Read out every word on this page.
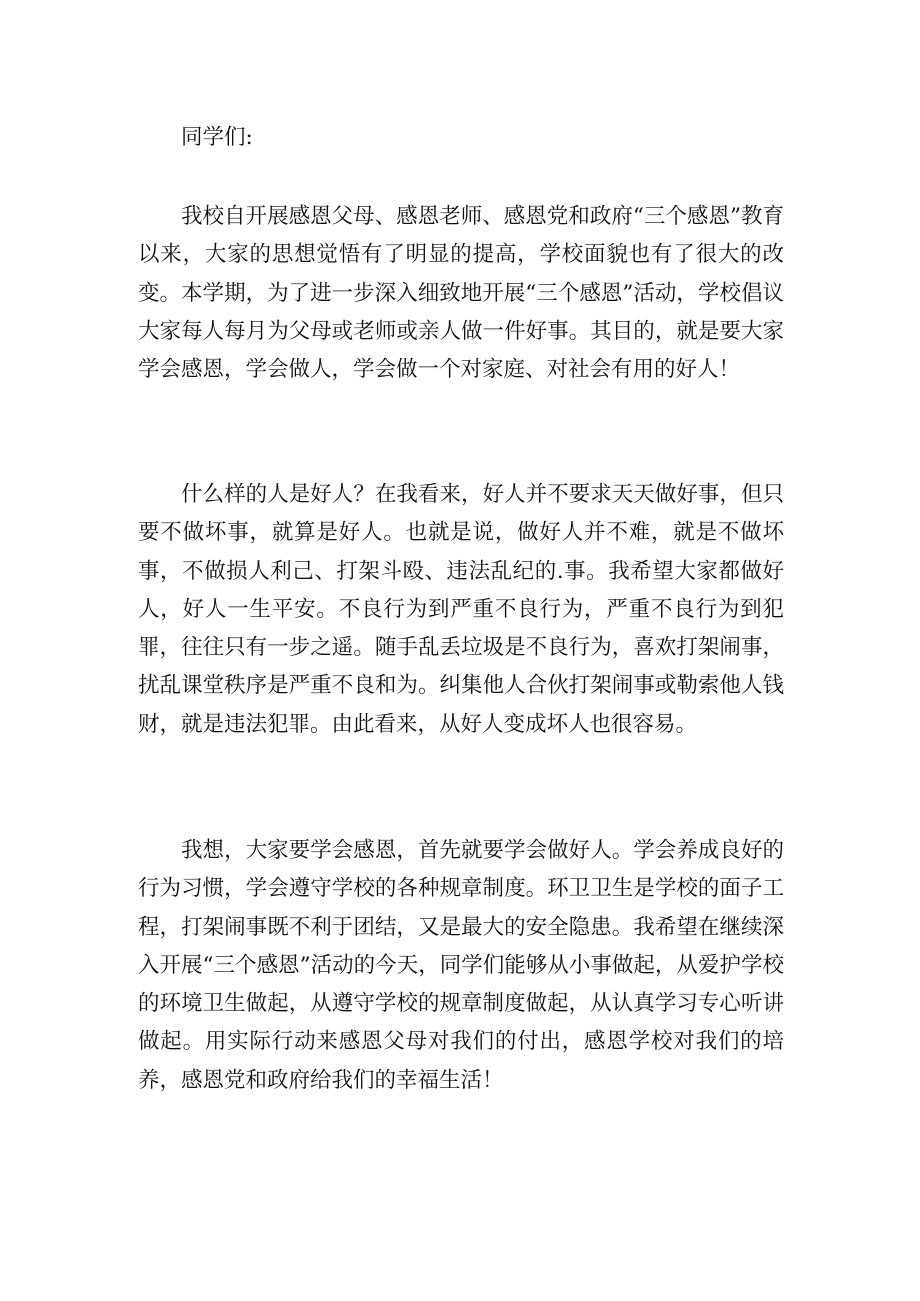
同学们:

我校自开展感恩父母、感恩老师、感恩党和政府“三个感恩”教育以来，大家的思想觉悟有了明显的提高，学校面貌也有了很大的改变。本学期，为了进一步深入细致地开展“三个感恩”活动，学校倡议大家每人每月为父母或老师或亲人做一件好事。其目的，就是要大家学会感恩，学会做人，学会做一个对家庭、对社会有用的好人！

什么样的人是好人？在我看来，好人并不要求天天做好事，但只要不做坏事，就算是好人。也就是说，做好人并不难，就是不做坏事，不做损人利己、打架斗殴、违法乱纪的.事。我希望大家都做好人，好人一生平安。不良行为到严重不良行为，严重不良行为到犯罪，往往只有一步之遥。随手乱丢垃圾是不良行为，喜欢打架闹事，扰乱课堂秩序是严重不良和为。纠集他人合伙打架闹事或勒索他人钱财，就是违法犯罪。由此看来，从好人变成坏人也很容易。

我想，大家要学会感恩，首先就要学会做好人。学会养成良好的行为习惯，学会遵守学校的各种规章制度。环卫卫生是学校的面子工程，打架闹事既不利于团结，又是最大的安全隐患。我希望在继续深入开展“三个感恩”活动的今天，同学们能够从小事做起，从爱护学校的环境卫生做起，从遵守学校的规章制度做起，从认真学习专心听讲做起。用实际行动来感恩父母对我们的付出，感恩学校对我们的培养，感恩党和政府给我们的幸福生活！
